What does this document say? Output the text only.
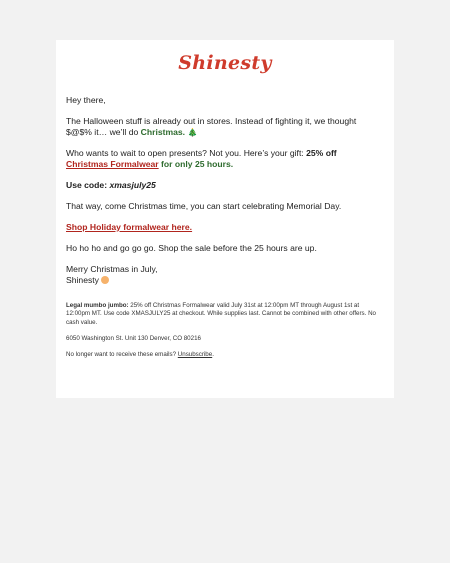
Shinesty

Hey there,

The Halloween stuff is already out in stores. Instead of fighting it, we thought $@$% it… we’ll do Christmas. 🎄

Who wants to wait to open presents? Not you. Here’s your gift: 25% off Christmas Formalwear for only 25 hours.

Use code: xmasjuly25

That way, come Christmas time, you can start celebrating Memorial Day.

Shop Holiday formalwear here.

Ho ho ho and go go go. Shop the sale before the 25 hours are up.

Merry Christmas in July,
Shinesty

Legal mumbo jumbo: 25% off Christmas Formalwear valid July 31st at 12:00pm MT through August 1st at 12:00pm MT. Use code XMASJULY25 at checkout. While supplies last. Cannot be combined with other offers. No cash value.

6050 Washington St. Unit 130 Denver, CO 80216

No longer want to receive these emails? Unsubscribe.
